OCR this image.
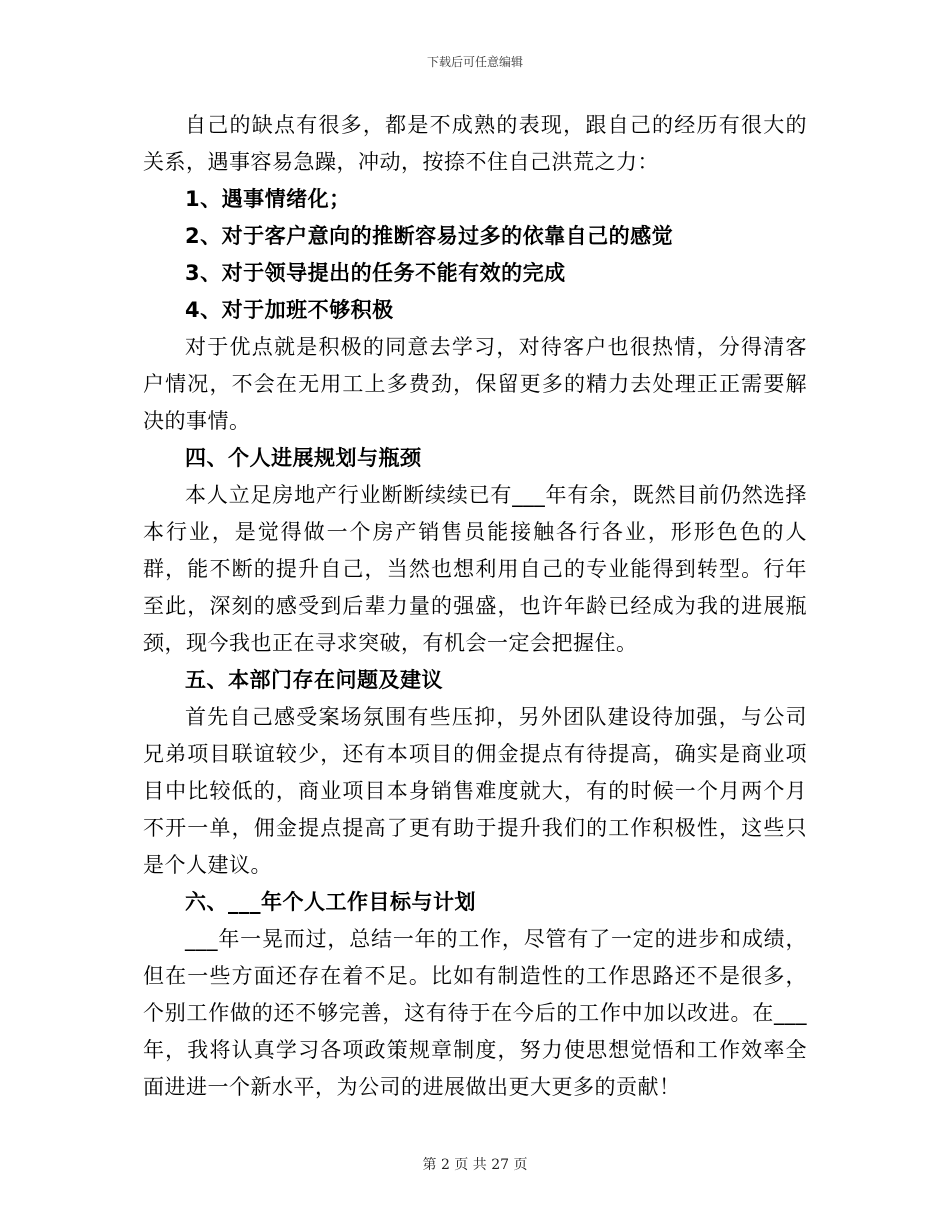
下载后可任意编辑

自己的缺点有很多，都是不成熟的表现，跟自己的经历有很大的关系，遇事容易急躁，冲动，按捺不住自己洪荒之力：

1、遇事情绪化；

2、对于客户意向的推断容易过多的依靠自己的感觉

3、对于领导提出的任务不能有效的完成

4、对于加班不够积极

对于优点就是积极的同意去学习，对待客户也很热情，分得清客户情况，不会在无用工上多费劲，保留更多的精力去处理正正需要解决的事情。

四、个人进展规划与瓶颈

本人立足房地产行业断断续续已有___年有余，既然目前仍然选择本行业，是觉得做一个房产销售员能接触各行各业，形形色色的人群，能不断的提升自己，当然也想利用自己的专业能得到转型。行年至此，深刻的感受到后辈力量的强盛，也许年龄已经成为我的进展瓶颈，现今我也正在寻求突破，有机会一定会把握住。

五、本部门存在问题及建议

首先自己感受案场氛围有些压抑，另外团队建设待加强，与公司兄弟项目联谊较少，还有本项目的佣金提点有待提高，确实是商业项目中比较低的，商业项目本身销售难度就大，有的时候一个月两个月不开一单，佣金提点提高了更有助于提升我们的工作积极性，这些只是个人建议。

六、___年个人工作目标与计划

___年一晃而过，总结一年的工作，尽管有了一定的进步和成绩，但在一些方面还存在着不足。比如有制造性的工作思路还不是很多，个别工作做的还不够完善，这有待于在今后的工作中加以改进。在___年，我将认真学习各项政策规章制度，努力使思想觉悟和工作效率全面进进一个新水平，为公司的进展做出更大更多的贡献！

第 2 页 共 27 页
